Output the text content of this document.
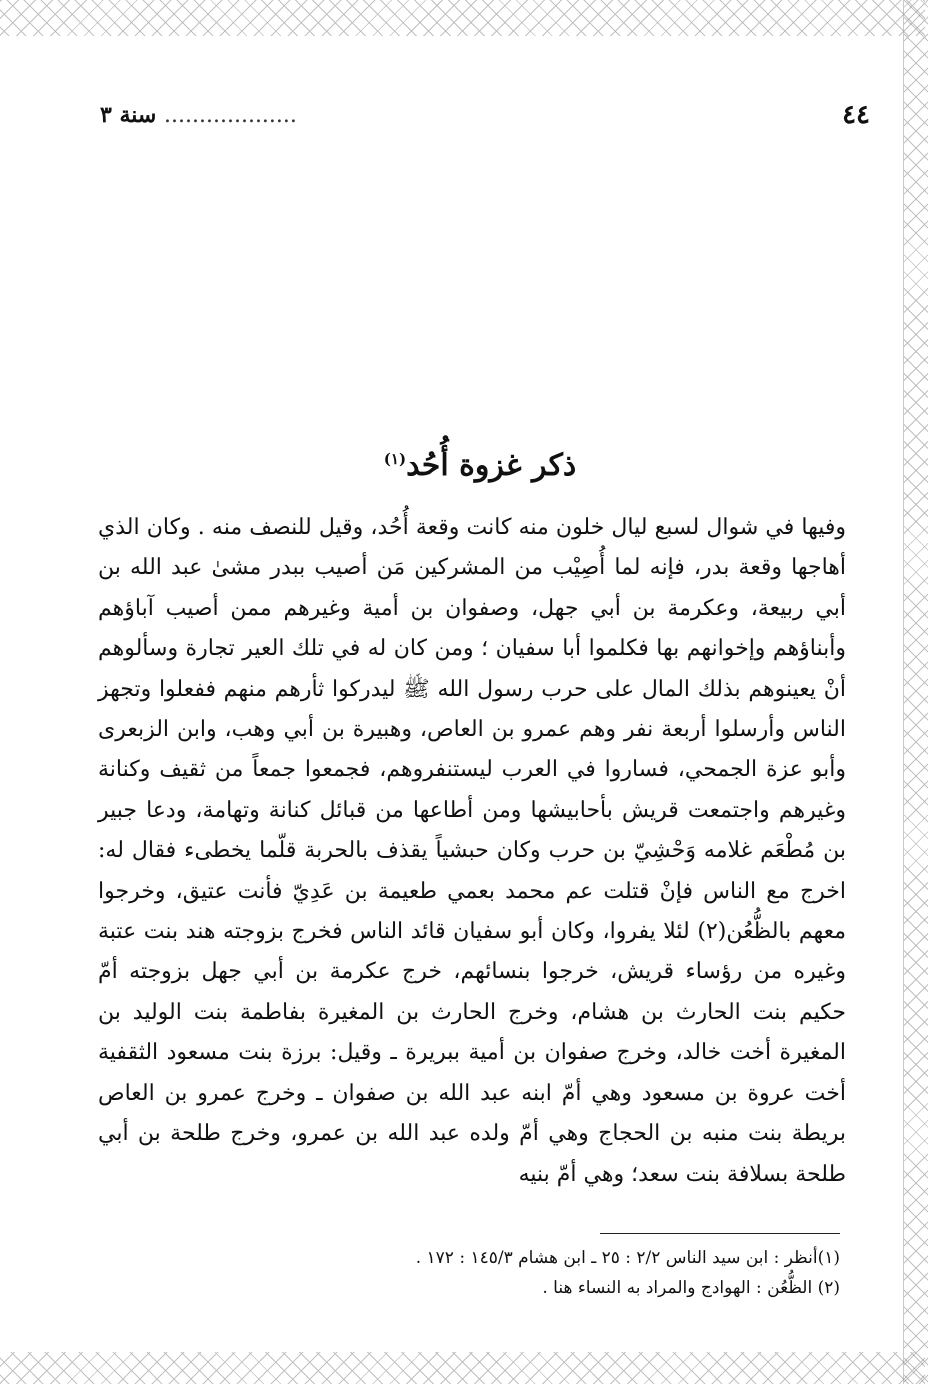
٤٤
................... سنة ٣
ذكر غزوة أُحُد$^{(١)}$

وفيها في شوال لسبع ليال خلون منه كانت وقعة أُحُد، وقيل للنصف منه . وكان الذي أهاجها وقعة بدر، فإنه لما أُصِيْب من المشركين مَن أصيب ببدر مشىٰ عبد الله بن أبي ربيعة، وعكرمة بن أبي جهل، وصفوان بن أمية وغيرهم ممن أصيب آباؤهم وأبناؤهم وإخوانهم بها فكلموا أبا سفيان ؛ ومن كان له في تلك العير تجارة وسألوهم أنْ يعينوهم بذلك المال على حرب رسول الله ﷺ ليدركوا ثأرهم منهم ففعلوا وتجهز الناس وأرسلوا أربعة نفر وهم عمرو بن العاص، وهبيرة بن أبي وهب، وابن الزبعرى وأبو عزة الجمحي، فساروا في العرب ليستنفروهم، فجمعوا جمعاً من ثقيف وكنانة وغيرهم واجتمعت قريش بأحابيشها ومن أطاعها من قبائل كنانة وتهامة، ودعا جبير بن مُطْعَم غلامه وَحْشِيّ بن حرب وكان حبشياً يقذف بالحربة قلّما يخطىء فقال له: اخرج مع الناس فإنْ قتلت عم محمد بعمي طعيمة بن عَدِيّ فأنت عتيق، وخرجوا معهم بالظُّعُن(٢) لئلا يفروا، وكان أبو سفيان قائد الناس فخرج بزوجته هند بنت عتبة وغيره من رؤساء قريش، خرجوا بنسائهم، خرج عكرمة بن أبي جهل بزوجته أمّ حكيم بنت الحارث بن هشام، وخرج الحارث بن المغيرة بفاطمة بنت الوليد بن المغيرة أخت خالد، وخرج صفوان بن أمية ببريرة ـ وقيل: برزة بنت مسعود الثقفية أخت عروة بن مسعود وهي أمّ ابنه عبد الله بن صفوان ـ وخرج عمرو بن العاص بريطة بنت منبه بن الحجاج وهي أمّ ولده عبد الله بن عمرو، وخرج طلحة بن أبي طلحة بسلافة بنت سعد؛ وهي أمّ بنيه

(١)أنظر : ابن سيد الناس ٢/٢ : ٢٥ ـ ابن هشام ١٤٥/٣ : ١٧٢ .
(٢) الظُّعُن : الهوادج والمراد به النساء هنا .
